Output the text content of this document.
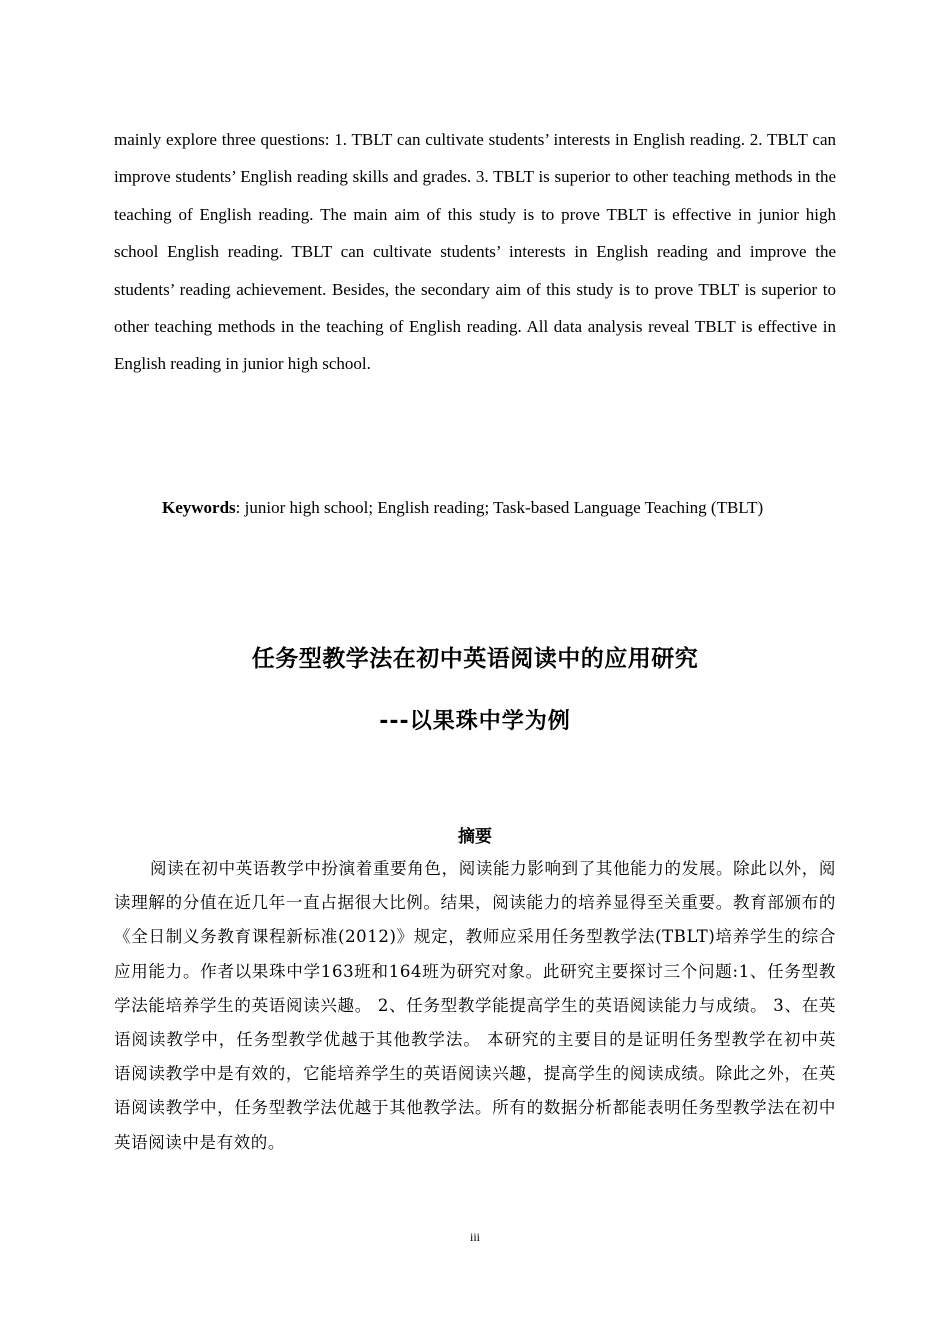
mainly explore three questions: 1. TBLT can cultivate students’ interests in English reading. 2. TBLT can improve students’ English reading skills and grades. 3. TBLT is superior to other teaching methods in the teaching of English reading. The main aim of this study is to prove TBLT is effective in junior high school English reading. TBLT can cultivate students’ interests in English reading and improve the students’ reading achievement. Besides, the secondary aim of this study is to prove TBLT is superior to other teaching methods in the teaching of English reading. All data analysis reveal TBLT is effective in English reading in junior high school.

Keywords: junior high school; English reading; Task-based Language Teaching (TBLT)

任务型教学法在初中英语阅读中的应用研究
---以果珠中学为例
摘要

阅读在初中英语教学中扮演着重要角色，阅读能力影响到了其他能力的发展。除此以外，阅读理解的分值在近几年一直占据很大比例。结果，阅读能力的培养显得至关重要。教育部颁布的《全日制义务教育课程新标准(2012)》规定，教师应采用任务型教学法(TBLT)培养学生的综合应用能力。作者以果珠中学163班和164班为研究对象。此研究主要探讨三个问题:1、任务型教学法能培养学生的英语阅读兴趣。 2、任务型教学能提高学生的英语阅读能力与成绩。 3、在英语阅读教学中，任务型教学优越于其他教学法。 本研究的主要目的是证明任务型教学在初中英语阅读教学中是有效的，它能培养学生的英语阅读兴趣，提高学生的阅读成绩。除此之外，在英语阅读教学中，任务型教学法优越于其他教学法。所有的数据分析都能表明任务型教学法在初中英语阅读中是有效的。

iii
